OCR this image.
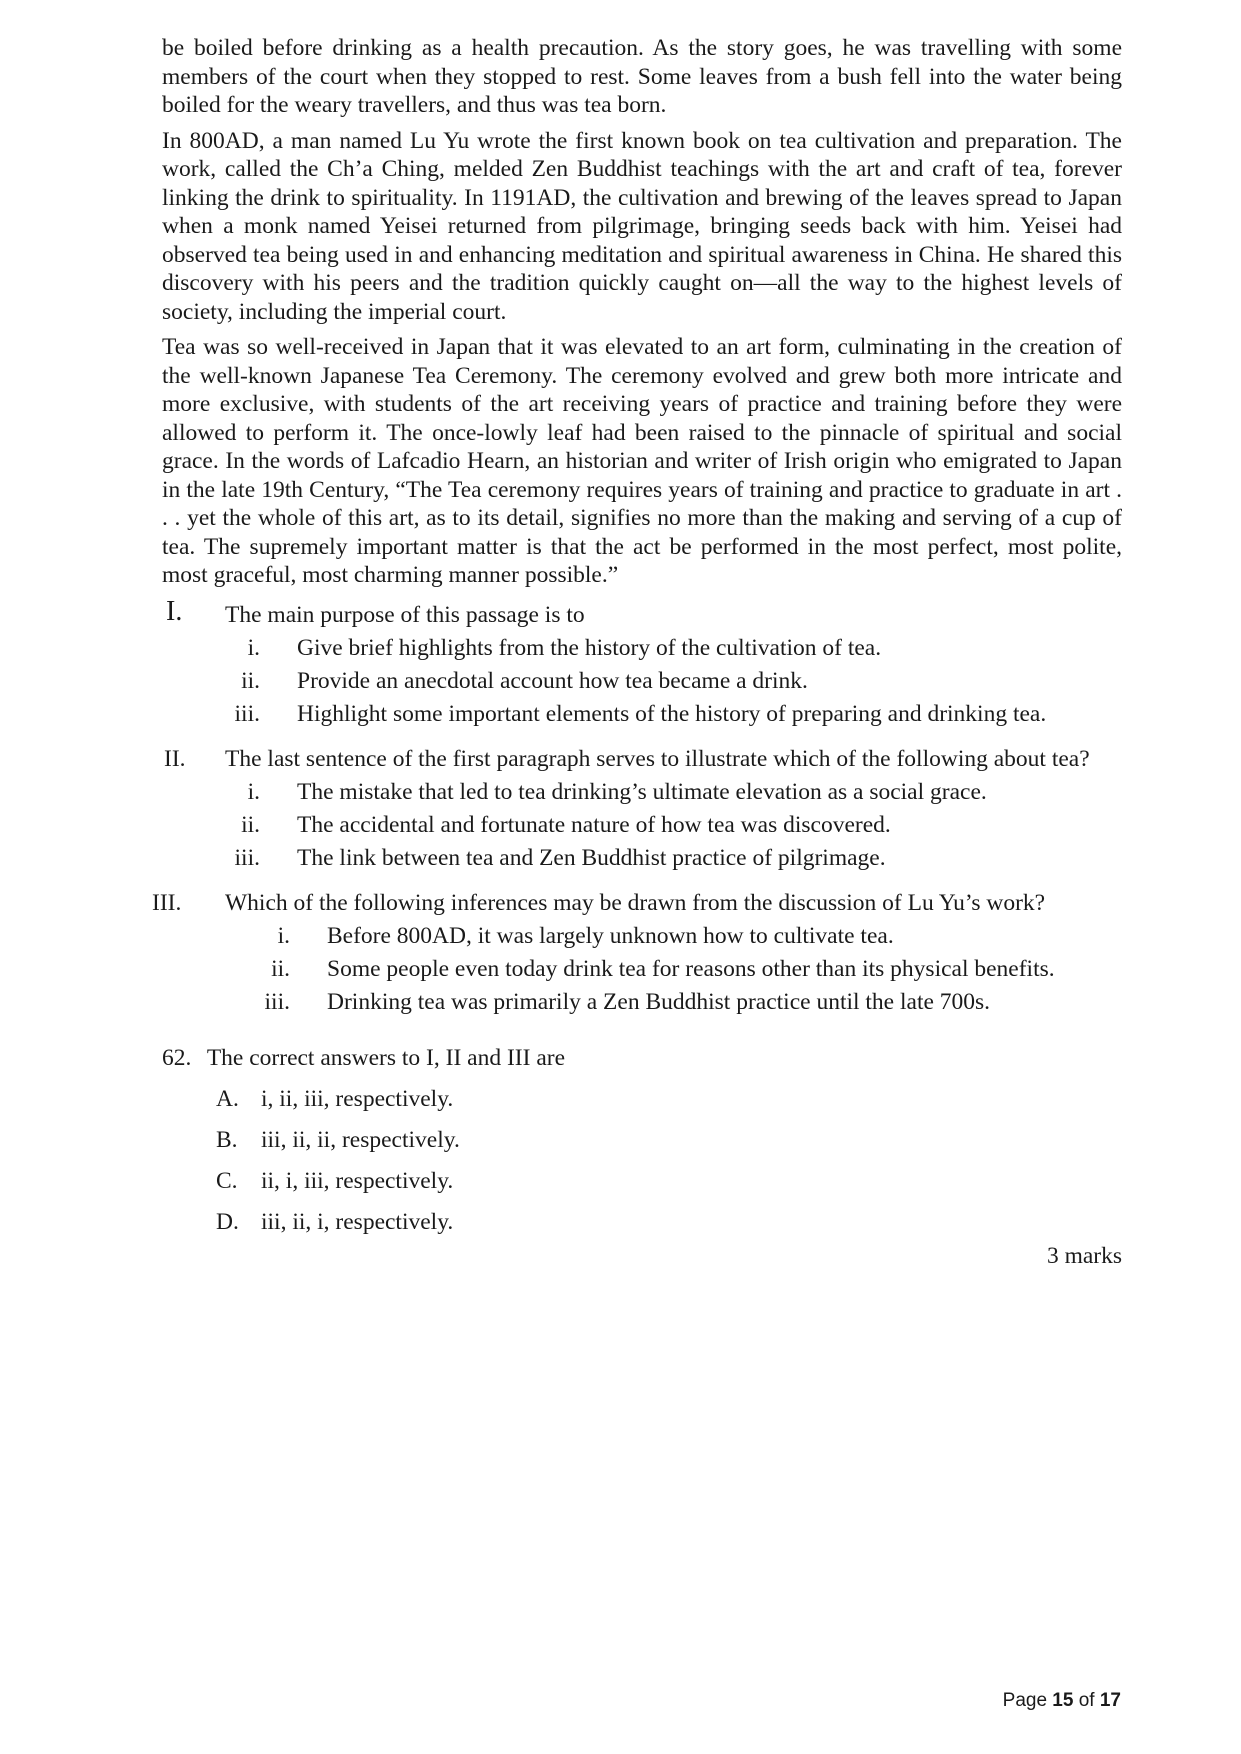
be boiled before drinking as a health precaution. As the story goes, he was travelling with some members of the court when they stopped to rest. Some leaves from a bush fell into the water being boiled for the weary travellers, and thus was tea born.

In 800AD, a man named Lu Yu wrote the first known book on tea cultivation and preparation. The work, called the Ch’a Ching, melded Zen Buddhist teachings with the art and craft of tea, forever linking the drink to spirituality. In 1191AD, the cultivation and brewing of the leaves spread to Japan when a monk named Yeisei returned from pilgrimage, bringing seeds back with him. Yeisei had observed tea being used in and enhancing meditation and spiritual awareness in China. He shared this discovery with his peers and the tradition quickly caught on—all the way to the highest levels of society, including the imperial court.

Tea was so well-received in Japan that it was elevated to an art form, culminating in the creation of the well-known Japanese Tea Ceremony. The ceremony evolved and grew both more intricate and more exclusive, with students of the art receiving years of practice and training before they were allowed to perform it. The once-lowly leaf had been raised to the pinnacle of spiritual and social grace. In the words of Lafcadio Hearn, an historian and writer of Irish origin who emigrated to Japan in the late 19th Century, “The Tea ceremony requires years of training and practice to graduate in art . . . yet the whole of this art, as to its detail, signifies no more than the making and serving of a cup of tea. The supremely important matter is that the act be performed in the most perfect, most polite, most graceful, most charming manner possible.”

I. The main purpose of this passage is to
i. Give brief highlights from the history of the cultivation of tea.
ii. Provide an anecdotal account how tea became a drink.
iii. Highlight some important elements of the history of preparing and drinking tea.
II. The last sentence of the first paragraph serves to illustrate which of the following about tea?
i. The mistake that led to tea drinking’s ultimate elevation as a social grace.
ii. The accidental and fortunate nature of how tea was discovered.
iii. The link between tea and Zen Buddhist practice of pilgrimage.
III. Which of the following inferences may be drawn from the discussion of Lu Yu’s work?
i. Before 800AD, it was largely unknown how to cultivate tea.
ii. Some people even today drink tea for reasons other than its physical benefits.
iii. Drinking tea was primarily a Zen Buddhist practice until the late 700s.
62. The correct answers to I, II and III are
A. i, ii, iii, respectively.
B. iii, ii, ii, respectively.
C. ii, i, iii, respectively.
D. iii, ii, i, respectively.
3 marks
Page 15 of 17
